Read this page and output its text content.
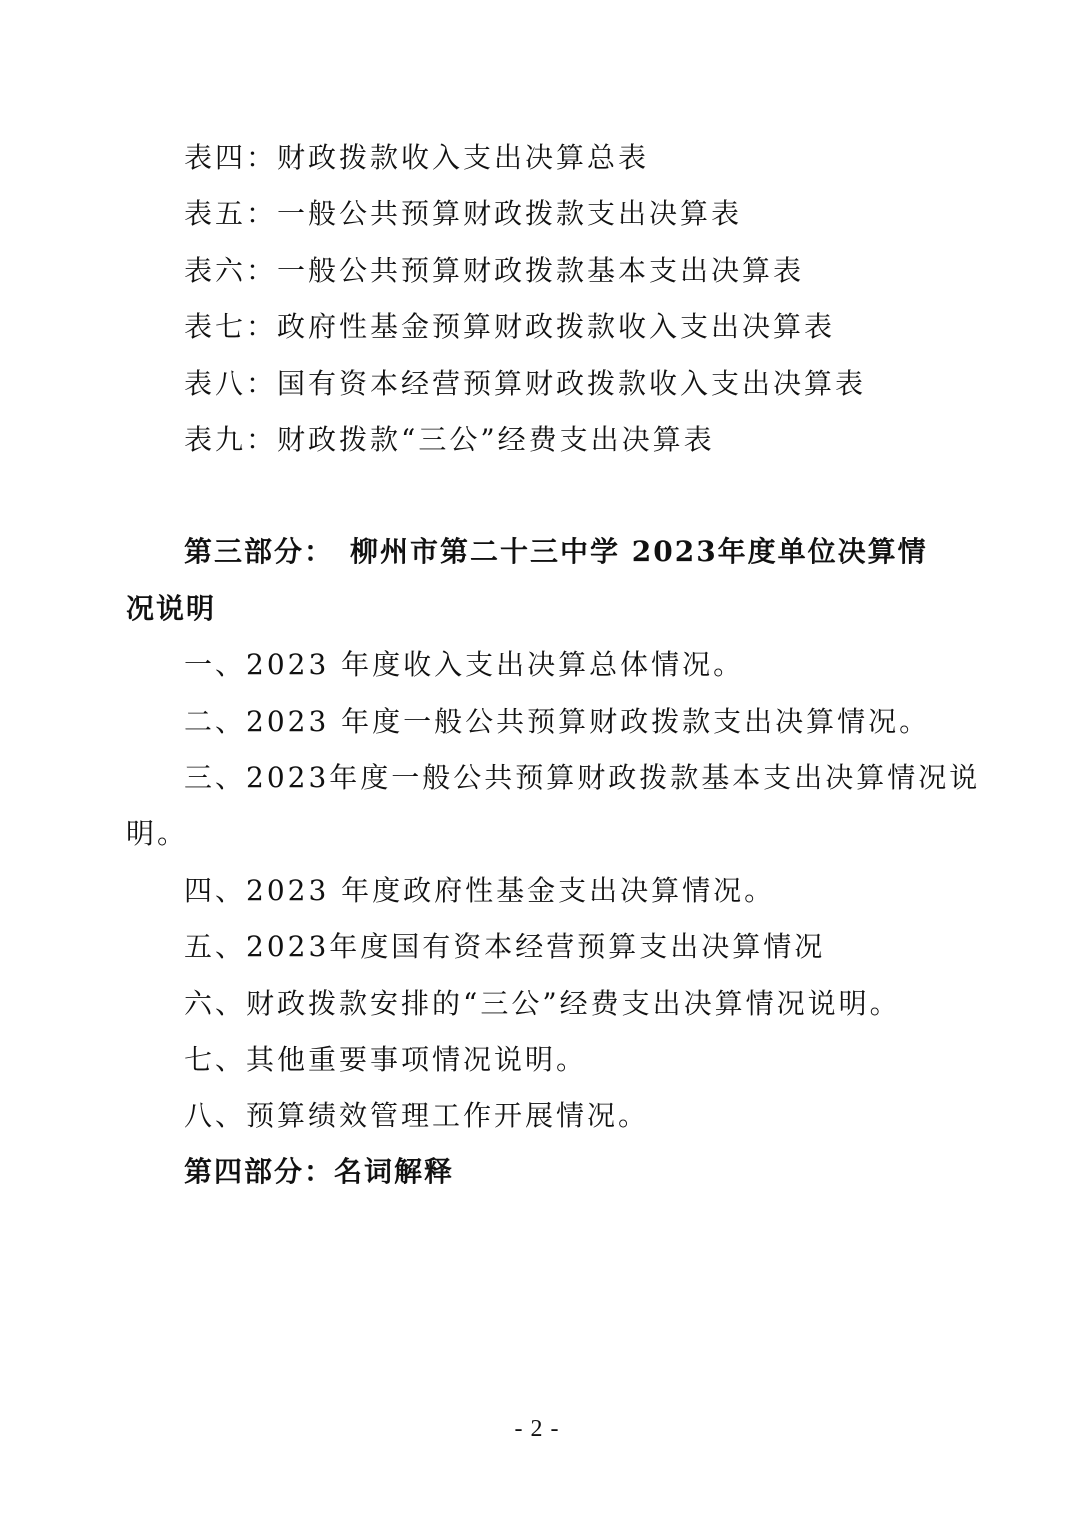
表四：财政拨款收入支出决算总表
表五：一般公共预算财政拨款支出决算表
表六：一般公共预算财政拨款基本支出决算表
表七：政府性基金预算财政拨款收入支出决算表
表八：国有资本经营预算财政拨款收入支出决算表
表九：财政拨款“三公”经费支出决算表
第三部分：　柳州市第二十三中学 2023年度单位决算情
况说明
一、2023 年度收入支出决算总体情况。
二、2023 年度一般公共预算财政拨款支出决算情况。
三、2023年度一般公共预算财政拨款基本支出决算情况说
明。
四、2023 年度政府性基金支出决算情况。
五、2023年度国有资本经营预算支出决算情况
六、财政拨款安排的“三公”经费支出决算情况说明。
七、其他重要事项情况说明。
八、预算绩效管理工作开展情况。
第四部分：名词解释
- 2 -
